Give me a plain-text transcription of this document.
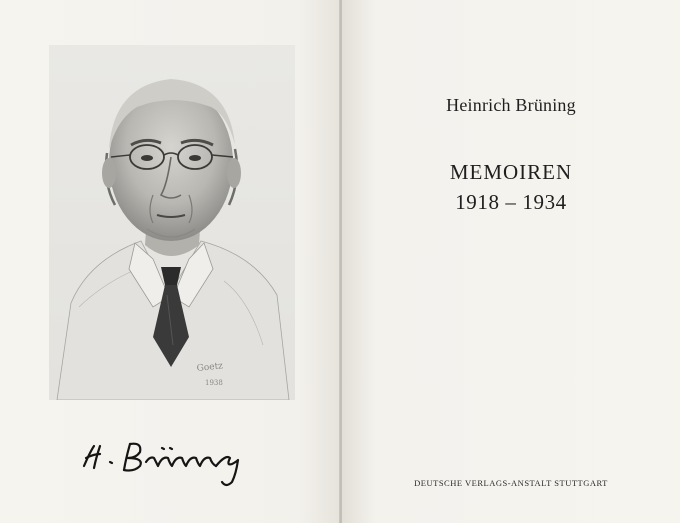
Goetz
1938
Heinrich Brüning
MEMOIREN
1918 – 1934
DEUTSCHE VERLAGS-ANSTALT STUTTGART
